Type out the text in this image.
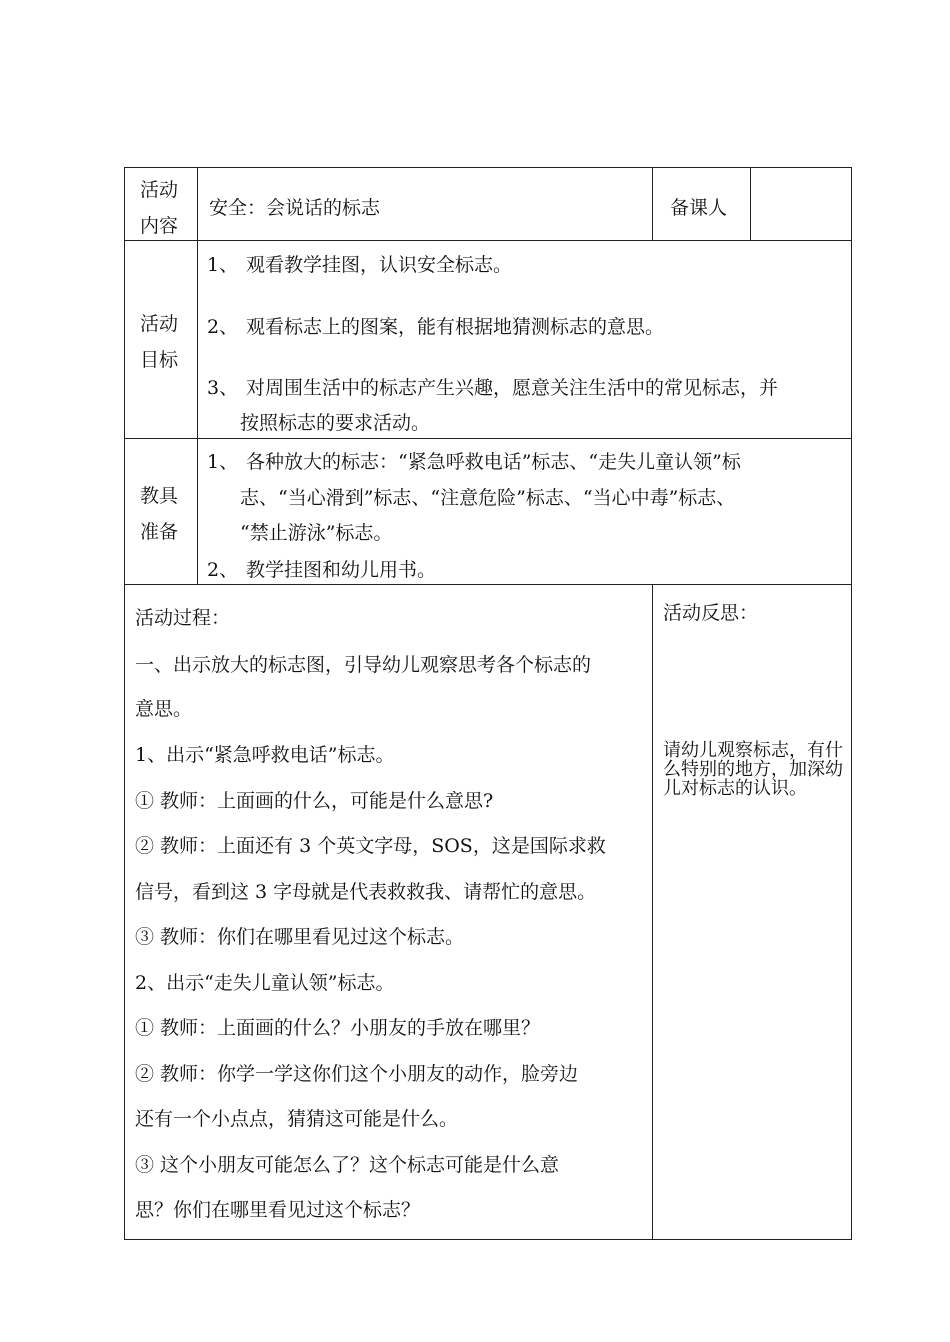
活动
内容
安全：会说话的标志	备课人
活动
目标
1、 观看教学挂图，认识安全标志。
2、 观看标志上的图案，能有根据地猜测标志的意思。
3、 对周围生活中的标志产生兴趣，愿意关注生活中的常见标志，并
按照标志的要求活动。
教具
准备
1、 各种放大的标志：“紧急呼救电话”标志、“走失儿童认领”标
志、“当心滑到”标志、“注意危险”标志、“当心中毒”标志、
“禁止游泳”标志。
2、 教学挂图和幼儿用书。
活动过程：
一、出示放大的标志图，引导幼儿观察思考各个标志的
意思。
1、出示“紧急呼救电话”标志。
① 教师：上面画的什么，可能是什么意思?
② 教师：上面还有 3 个英文字母，SOS，这是国际求救
信号，看到这 3 字母就是代表救救我、请帮忙的意思。
③ 教师：你们在哪里看见过这个标志。
2、出示“走失儿童认领”标志。
① 教师：上面画的什么？小朋友的手放在哪里？
② 教师：你学一学这你们这个小朋友的动作，脸旁边
还有一个小点点，猜猜这可能是什么。
③ 这个小朋友可能怎么了？这个标志可能是什么意
思？你们在哪里看见过这个标志？
活动反思：
请幼儿观察标志，有什么特别的地方，加深幼儿对标志的认识。
